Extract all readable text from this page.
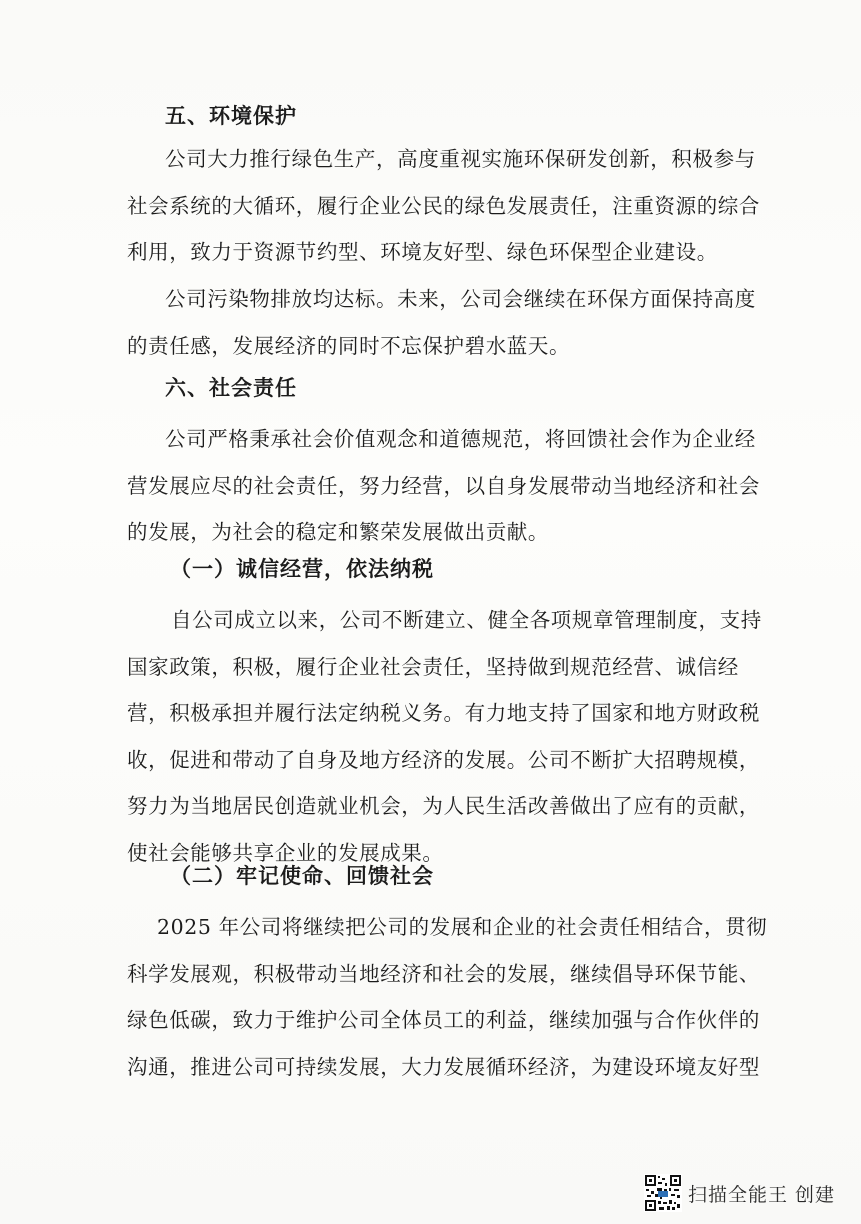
五、环境保护
公司大力推行绿色生产，高度重视实施环保研发创新，积极参与
社会系统的大循环，履行企业公民的绿色发展责任，注重资源的综合
利用，致力于资源节约型、环境友好型、绿色环保型企业建设。
公司污染物排放均达标。未来，公司会继续在环保方面保持高度
的责任感，发展经济的同时不忘保护碧水蓝天。
六、社会责任
公司严格秉承社会价值观念和道德规范，将回馈社会作为企业经
营发展应尽的社会责任，努力经营，以自身发展带动当地经济和社会
的发展，为社会的稳定和繁荣发展做出贡献。
（一）诚信经营，依法纳税
自公司成立以来，公司不断建立、健全各项规章管理制度，支持
国家政策，积极，履行企业社会责任，坚持做到规范经营、诚信经
营，积极承担并履行法定纳税义务。有力地支持了国家和地方财政税
收，促进和带动了自身及地方经济的发展。公司不断扩大招聘规模，
努力为当地居民创造就业机会，为人民生活改善做出了应有的贡献，
使社会能够共享企业的发展成果。
（二）牢记使命、回馈社会
2025 年公司将继续把公司的发展和企业的社会责任相结合，贯彻
科学发展观，积极带动当地经济和社会的发展，继续倡导环保节能、
绿色低碳，致力于维护公司全体员工的利益，继续加强与合作伙伴的
沟通，推进公司可持续发展，大力发展循环经济，为建设环境友好型
扫描全能王 创建
